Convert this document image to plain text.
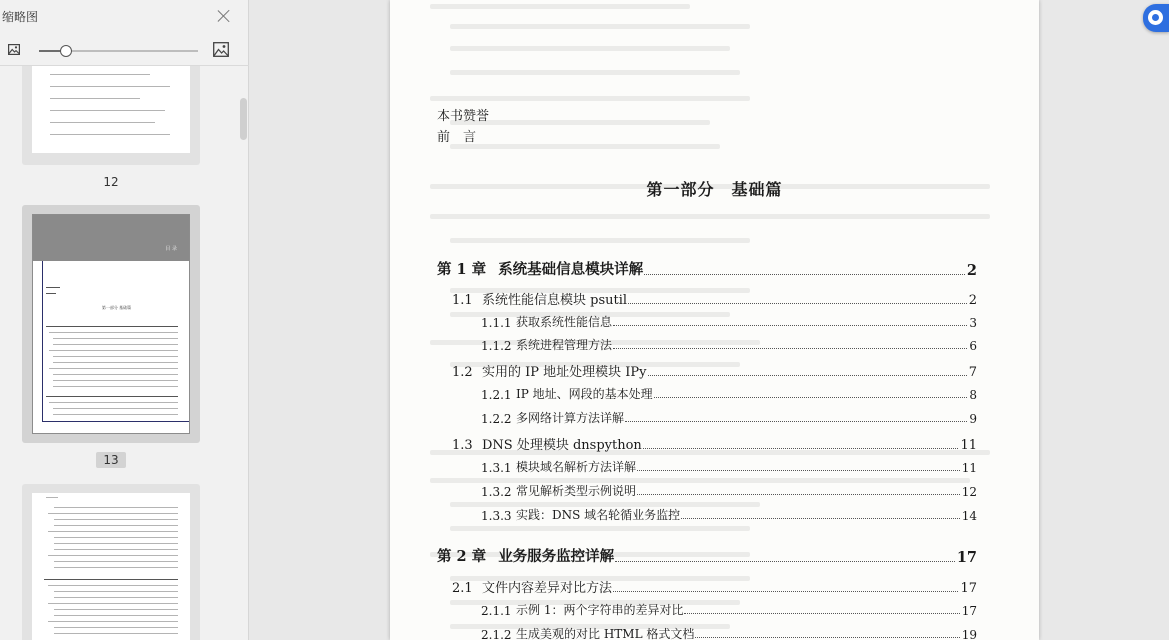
缩略图
12
目 录
第一部分 基础篇
13
本书赞誉
前　言
第一部分　基础篇
第 1 章 系统基础信息模块详解	2
1.1 系统性能信息模块 psutil	2
1.1.1 获取系统性能信息	3
1.1.2 系统进程管理方法	6
1.2 实用的 IP 地址处理模块 IPy	7
1.2.1 IP 地址、网段的基本处理	8
1.2.2 多网络计算方法详解	9
1.3 DNS 处理模块 dnspython	11
1.3.1 模块域名解析方法详解	11
1.3.2 常见解析类型示例说明	12
1.3.3 实践：DNS 域名轮循业务监控	14
第 2 章 业务服务监控详解	17
2.1 文件内容差异对比方法	17
2.1.1 示例 1：两个字符串的差异对比	17
2.1.2 生成美观的对比 HTML 格式文档	19
